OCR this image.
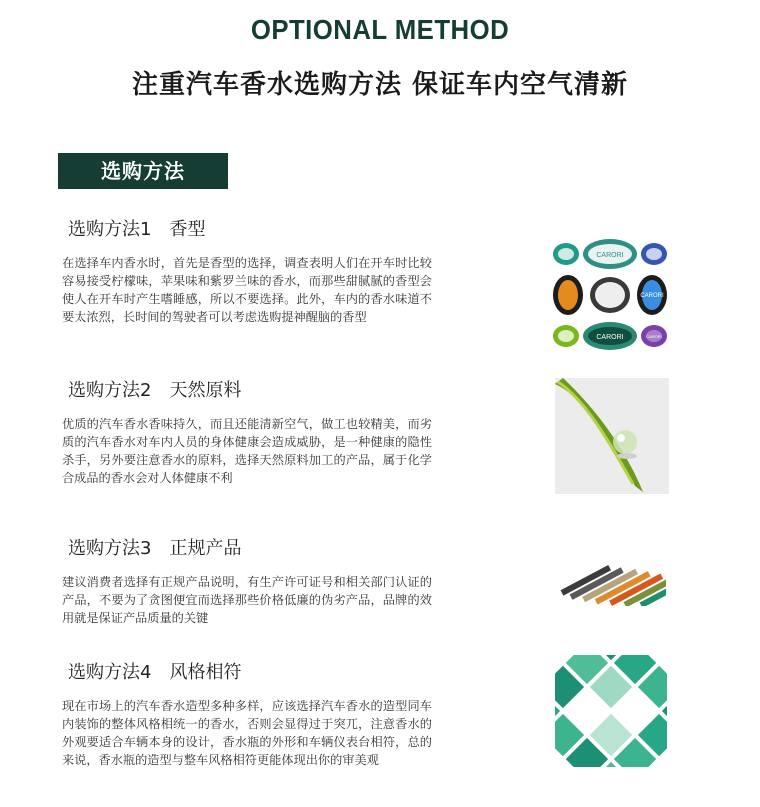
OPTIONAL METHOD
注重汽车香水选购方法 保证车内空气清新
选购方法
选购方法1　香型

在选择车内香水时，首先是香型的选择，调查表明人们在开车时比较容易接受柠檬味，苹果味和紫罗兰味的香水，而那些甜腻腻的香型会使人在开车时产生嗜睡感，所以不要选择。此外，车内的香水味道不要太浓烈，长时间的驾驶者可以考虑选购提神醒脑的香型

CARORI
CARORI
CARORI	CARORI
选购方法2　天然原料

优质的汽车香水香味持久，而且还能清新空气，做工也较精美，而劣质的汽车香水对车内人员的身体健康会造成威胁，是一种健康的隐性杀手，另外要注意香水的原料，选择天然原料加工的产品，属于化学合成品的香水会对人体健康不利

选购方法3　正规产品

建议消费者选择有正规产品说明，有生产许可证号和相关部门认证的产品，不要为了贪图便宜而选择那些价格低廉的伪劣产品，品牌的效用就是保证产品质量的关键

选购方法4　风格相符

现在市场上的汽车香水造型多种多样，应该选择汽车香水的造型同车内装饰的整体风格相统一的香水，否则会显得过于突兀，注意香水的外观要适合车辆本身的设计，香水瓶的外形和车辆仪表台相符，总的来说，香水瓶的造型与整车风格相符更能体现出你的审美观
